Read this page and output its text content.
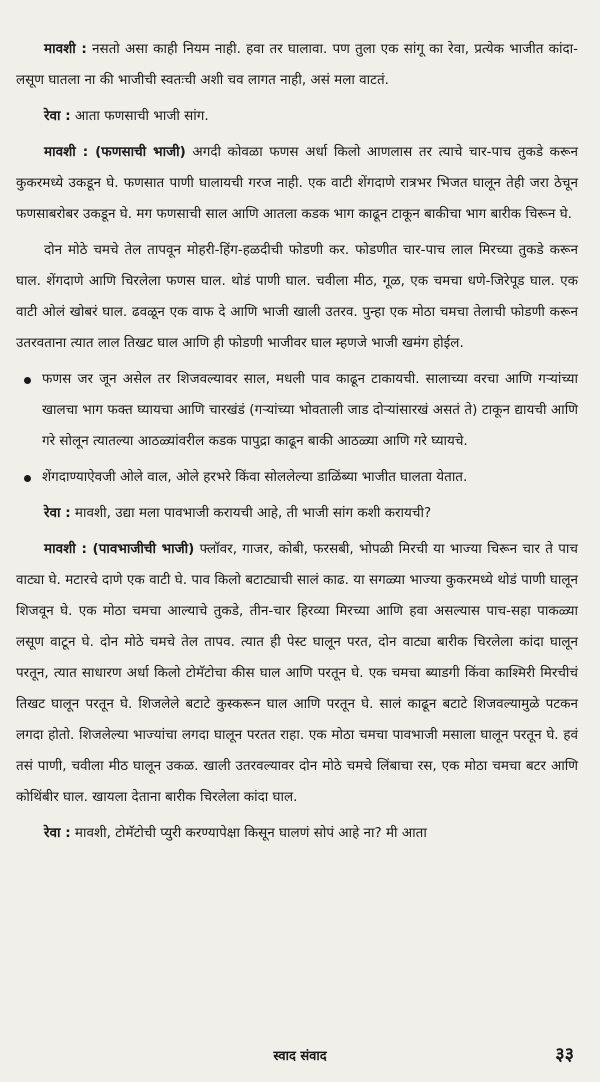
मावशी : नसतो असा काही नियम नाही. हवा तर घालावा. पण तुला एक सांगू का रेवा, प्रत्येक भाजीत कांदा-लसूण घातला ना की भाजीची स्वतःची अशी चव लागत नाही, असं मला वाटतं.

रेवा : आता फणसाची भाजी सांग.

मावशी : (फणसाची भाजी) अगदी कोवळा फणस अर्धा किलो आणलास तर त्याचे चार-पाच तुकडे करून कुकरमध्ये उकडून घे. फणसात पाणी घालायची गरज नाही. एक वाटी शेंगदाणे रात्रभर भिजत घालून तेही जरा ठेचून फणसाबरोबर उकडून घे. मग फणसाची साल आणि आतला कडक भाग काढून टाकून बाकीचा भाग बारीक चिरून घे.

दोन मोठे चमचे तेल तापवून मोहरी-हिंग-हळदीची फोडणी कर. फोडणीत चार-पाच लाल मिरच्या तुकडे करून घाल. शेंगदाणे आणि चिरलेला फणस घाल. थोडं पाणी घाल. चवीला मीठ, गूळ, एक चमचा धणे-जिरेपूड घाल. एक वाटी ओलं खोबरं घाल. ढवळून एक वाफ दे आणि भाजी खाली उतरव. पुन्हा एक मोठा चमचा तेलाची फोडणी करून उतरवताना त्यात लाल तिखट घाल आणि ही फोडणी भाजीवर घाल म्हणजे भाजी खमंग होईल.

फणस जर जून असेल तर शिजवल्यावर साल, मधली पाव काढून टाकायची. सालाच्या वरचा आणि गऱ्यांच्या खालचा भाग फक्त घ्यायचा आणि चारखंडं (गऱ्यांच्या भोवताली जाड दोऱ्यांसारखं असतं ते) टाकून द्यायची आणि गरे सोलून त्यातल्या आठळ्यांवरील कडक पापुद्रा काढून बाकी आठळ्या आणि गरे घ्यायचे.
शेंगदाण्याऐवजी ओले वाल, ओले हरभरे किंवा सोललेल्या डाळिंब्या भाजीत घालता येतात.

रेवा : मावशी, उद्या मला पावभाजी करायची आहे, ती भाजी सांग कशी करायची?

मावशी : (पावभाजीची भाजी) फ्लॉवर, गाजर, कोबी, फरसबी, भोपळी मिरची या भाज्या चिरून चार ते पाच वाट्या घे. मटारचे दाणे एक वाटी घे. पाव किलो बटाट्याची सालं काढ. या सगळ्या भाज्या कुकरमध्ये थोडं पाणी घालून शिजवून घे. एक मोठा चमचा आल्याचे तुकडे, तीन-चार हिरव्या मिरच्या आणि हवा असल्यास पाच-सहा पाकळ्या लसूण वाटून घे. दोन मोठे चमचे तेल तापव. त्यात ही पेस्ट घालून परत, दोन वाट्या बारीक चिरलेला कांदा घालून परतून, त्यात साधारण अर्धा किलो टोमॅटोचा कीस घाल आणि परतून घे. एक चमचा ब्याडगी किंवा काश्मिरी मिरचीचं तिखट घालून परतून घे. शिजलेले बटाटे कुस्करून घाल आणि परतून घे. सालं काढून बटाटे शिजवल्यामुळे पटकन लगदा होतो. शिजलेल्या भाज्यांचा लगदा घालून परतत राहा. एक मोठा चमचा पावभाजी मसाला घालून परतून घे. हवं तसं पाणी, चवीला मीठ घालून उकळ. खाली उतरवल्यावर दोन मोठे चमचे लिंबाचा रस, एक मोठा चमचा बटर आणि कोथिंबीर घाल. खायला देताना बारीक चिरलेला कांदा घाल.

रेवा : मावशी, टोमॅटोची प्युरी करण्यापेक्षा किसून घालणं सोपं आहे ना? मी आता

स्वाद संवाद	३३
